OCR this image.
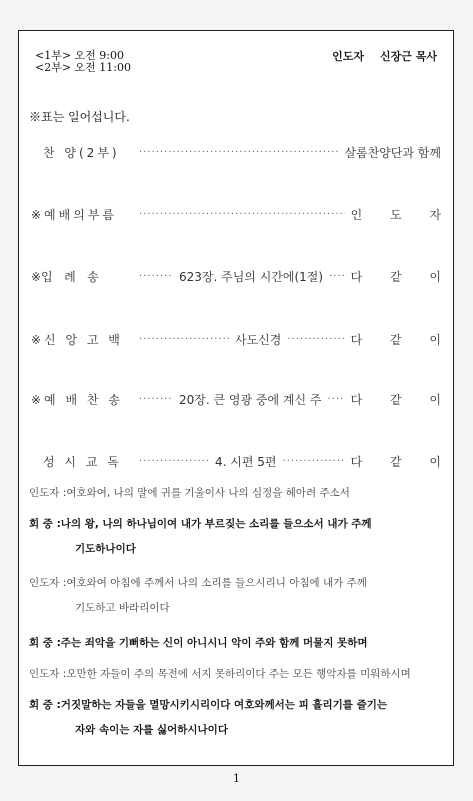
<1부> 오전 9:00
<2부> 오전 11:00
인도자 신장근 목사
※표는 일어섭니다.
찬 양(2부) ·····	살롬찬양단과 함께
※예배의부름 ·····	인 도 자
※입   례   송 ·····	623장. 주님의 시간에(1절) ·····	다 같 이
※신 앙 고 백 ·····	사도신경 ·····	다 같 이
※예 배 찬 송 ·····	20장. 큰 영광 중에 계신 주 ·····	다 같 이
성 시 교 독 ·····	4. 시편 5편 ·····	다 같 이
인도자 :여호와여, 나의 말에 귀를 기울이사 나의 심정을 헤아려 주소서
회 중 :나의 왕, 나의 하나님이여 내가 부르짖는 소리를 들으소서 내가 주께
기도하나이다
인도자 :여호와여 아침에 주께서 나의 소리를 들으시리니 아침에 내가 주께
기도하고 바라리이다
회 중 :주는 죄악을 기뻐하는 신이 아니시니 악이 주와 함께 머물지 못하며
인도자 :오만한 자들이 주의 목전에 서지 못하리이다 주는 모든 행악자를 미워하시며
회 중 :거짓말하는 자들을 멸망시키시리이다 여호와께서는 피 흘리기를 즐기는
자와 속이는 자를 싫어하시나이다
1
